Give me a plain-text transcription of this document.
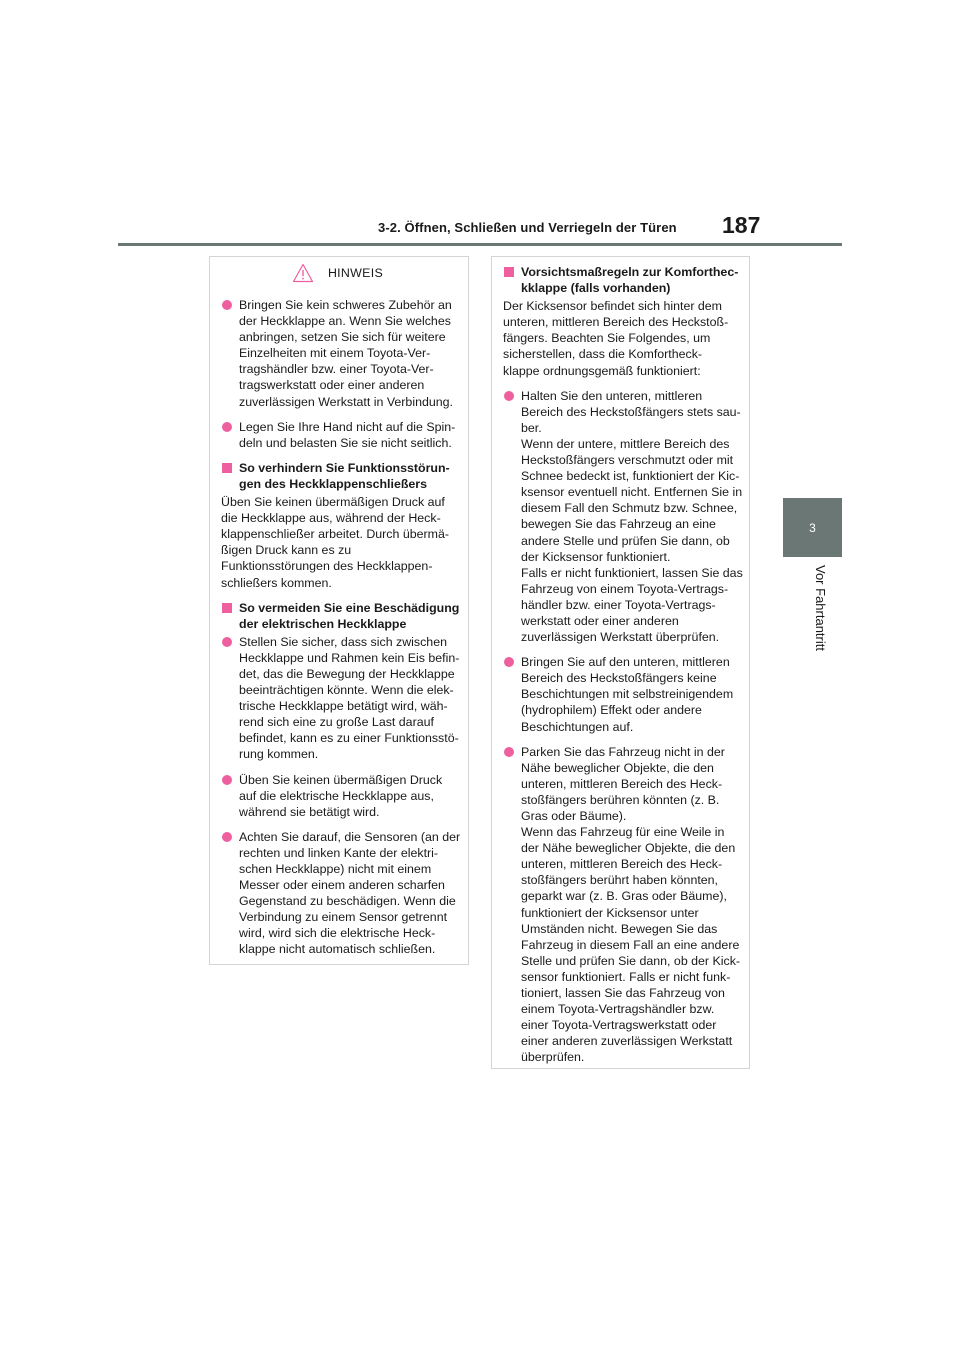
3-2. Öffnen, Schließen und Verriegeln der Türen 187
3
Vor Fahrtantritt
HINWEIS
Bringen Sie kein schweres Zubehör an
der Heckklappe an. Wenn Sie welches
anbringen, setzen Sie sich für weitere
Einzelheiten mit einem Toyota-Ver-
tragshändler bzw. einer Toyota-Ver-
tragswerkstatt oder einer anderen
zuverlässigen Werkstatt in Verbindung.
Legen Sie Ihre Hand nicht auf die Spin-
deln und belasten Sie sie nicht seitlich.
So verhindern Sie Funktionsstörun-
gen des Heckklappenschließers
Üben Sie keinen übermäßigen Druck auf
die Heckklappe aus, während der Heck-
klappenschließer arbeitet. Durch übermä-
ßigen Druck kann es zu
Funktionsstörungen des Heckklappen-
schließers kommen.
So vermeiden Sie eine Beschädigung
der elektrischen Heckklappe
Stellen Sie sicher, dass sich zwischen
Heckklappe und Rahmen kein Eis befin-
det, das die Bewegung der Heckklappe
beeinträchtigen könnte. Wenn die elek-
trische Heckklappe betätigt wird, wäh-
rend sich eine zu große Last darauf
befindet, kann es zu einer Funktionsstö-
rung kommen.
Üben Sie keinen übermäßigen Druck
auf die elektrische Heckklappe aus,
während sie betätigt wird.
Achten Sie darauf, die Sensoren (an der
rechten und linken Kante der elektri-
schen Heckklappe) nicht mit einem
Messer oder einem anderen scharfen
Gegenstand zu beschädigen. Wenn die
Verbindung zu einem Sensor getrennt
wird, wird sich die elektrische Heck-
klappe nicht automatisch schließen.
Vorsichtsmaßregeln zur Komforthec-
kklappe (falls vorhanden)
Der Kicksensor befindet sich hinter dem
unteren, mittleren Bereich des Heckstoß-
fängers. Beachten Sie Folgendes, um
sicherstellen, dass die Komfortheck-
klappe ordnungsgemäß funktioniert:
Halten Sie den unteren, mittleren
Bereich des Heckstoßfängers stets sau-
ber.
Wenn der untere, mittlere Bereich des
Heckstoßfängers verschmutzt oder mit
Schnee bedeckt ist, funktioniert der Kic-
ksensor eventuell nicht. Entfernen Sie in
diesem Fall den Schmutz bzw. Schnee,
bewegen Sie das Fahrzeug an eine
andere Stelle und prüfen Sie dann, ob
der Kicksensor funktioniert.
Falls er nicht funktioniert, lassen Sie das
Fahrzeug von einem Toyota-Vertrags-
händler bzw. einer Toyota-Vertrags-
werkstatt oder einer anderen
zuverlässigen Werkstatt überprüfen.
Bringen Sie auf den unteren, mittleren
Bereich des Heckstoßfängers keine
Beschichtungen mit selbstreinigendem
(hydrophilem) Effekt oder andere
Beschichtungen auf.
Parken Sie das Fahrzeug nicht in der
Nähe beweglicher Objekte, die den
unteren, mittleren Bereich des Heck-
stoßfängers berühren könnten (z. B.
Gras oder Bäume).
Wenn das Fahrzeug für eine Weile in
der Nähe beweglicher Objekte, die den
unteren, mittleren Bereich des Heck-
stoßfängers berührt haben könnten,
geparkt war (z. B. Gras oder Bäume),
funktioniert der Kicksensor unter
Umständen nicht. Bewegen Sie das
Fahrzeug in diesem Fall an eine andere
Stelle und prüfen Sie dann, ob der Kick-
sensor funktioniert. Falls er nicht funk-
tioniert, lassen Sie das Fahrzeug von
einem Toyota-Vertragshändler bzw.
einer Toyota-Vertragswerkstatt oder
einer anderen zuverlässigen Werkstatt
überprüfen.
